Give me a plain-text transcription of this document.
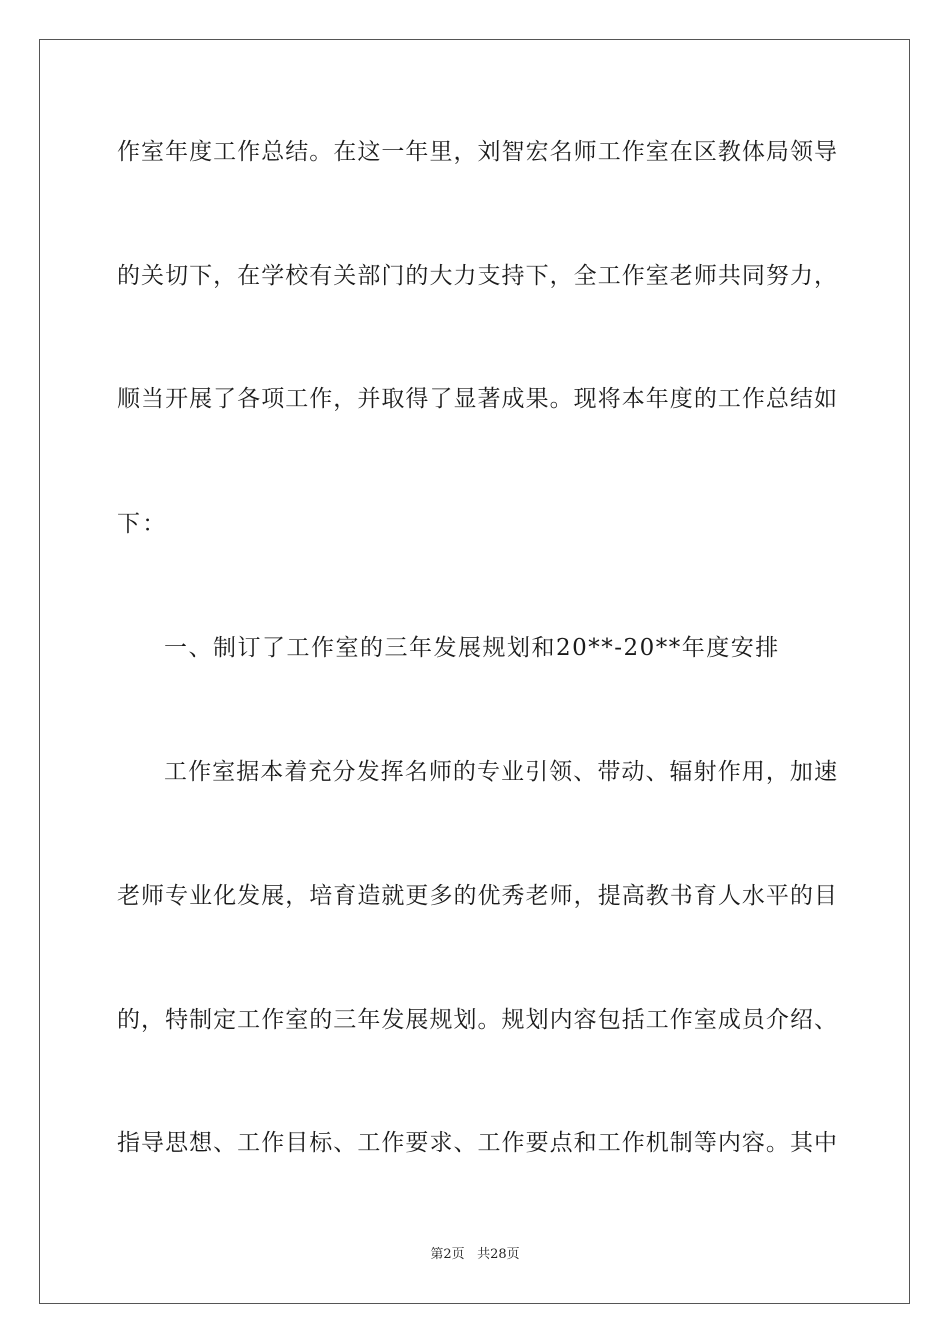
作室年度工作总结。在这一年里，刘智宏名师工作室在区教体局领导
的关切下，在学校有关部门的大力支持下，全工作室老师共同努力，
顺当开展了各项工作，并取得了显著成果。现将本年度的工作总结如
下：
一、制订了工作室的三年发展规划和20**-20**年度安排
工作室据本着充分发挥名师的专业引领、带动、辐射作用，加速
老师专业化发展，培育造就更多的优秀老师，提高教书育人水平的目
的，特制定工作室的三年发展规划。规划内容包括工作室成员介绍、
指导思想、工作目标、工作要求、工作要点和工作机制等内容。其中
第2页 共28页
